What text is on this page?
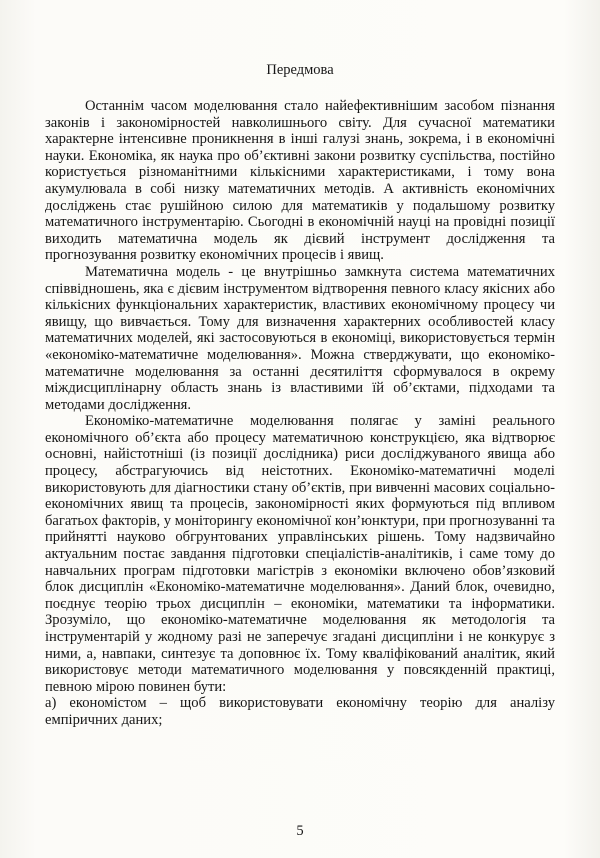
Передмова

Останнім часом моделювання стало найефективнішим засобом пізнання законів і закономірностей навколишнього світу. Для сучасної математики характерне інтенсивне проникнення в інші галузі знань, зокрема, і в економічні науки. Економіка, як наука про об’єктивні закони розвитку суспільства, постійно користується різноманітними кількісними характеристиками, і тому вона акумулювала в собі низку математичних методів. А активність економічних досліджень стає рушійною силою для математиків у подальшому розвитку математичного інструментарію. Сьогодні в економічній науці на провідні позиції виходить математична модель як дієвий інструмент дослідження та прогнозування розвитку економічних процесів і явищ.

Математична модель - це внутрішньо замкнута система математичних співвідношень, яка є дієвим інструментом відтворення певного класу якісних або кількісних функціональних характеристик, властивих економічному процесу чи явищу, що вивчається. Тому для визначення характерних особливостей класу математичних моделей, які застосовуються в економіці, використовується термін «економіко-математичне моделювання». Можна стверджувати, що економіко-математичне моделювання за останні десятиліття сформувалося в окрему міждисциплінарну область знань із властивими їй об’єктами, підходами та методами дослідження.

Економіко-математичне моделювання полягає у заміні реального економічного об’єкта або процесу математичною конструкцією, яка відтворює основні, найістотніші (із позиції дослідника) риси досліджуваного явища або процесу, абстрагуючись від неістотних. Економіко-математичні моделі використовують для діагностики стану об’єктів, при вивченні масових соціально-економічних явищ та процесів, закономірності яких формуються під впливом багатьох факторів, у моніторингу економічної кон’юнктури, при прогнозуванні та прийнятті науково обгрунтованих управлінських рішень. Тому надзвичайно актуальним постає завдання підготовки спеціалістів-аналітиків, і саме тому до навчальних програм підготовки магістрів з економіки включено обов’язковий блок дисциплін «Економіко-математичне моделювання». Даний блок, очевидно, поєднує теорію трьох дисциплін – економіки, математики та інформатики. Зрозуміло, що економіко-математичне моделювання як методологія та інструментарій у жодному разі не заперечує згадані дисципліни і не конкурує з ними, а, навпаки, синтезує та доповнює їх. Тому кваліфікований аналітик, який використовує методи математичного моделювання у повсякденній практиці, певною мірою повинен бути:

а) економістом – щоб використовувати економічну теорію для аналізу емпіричних даних;

5
